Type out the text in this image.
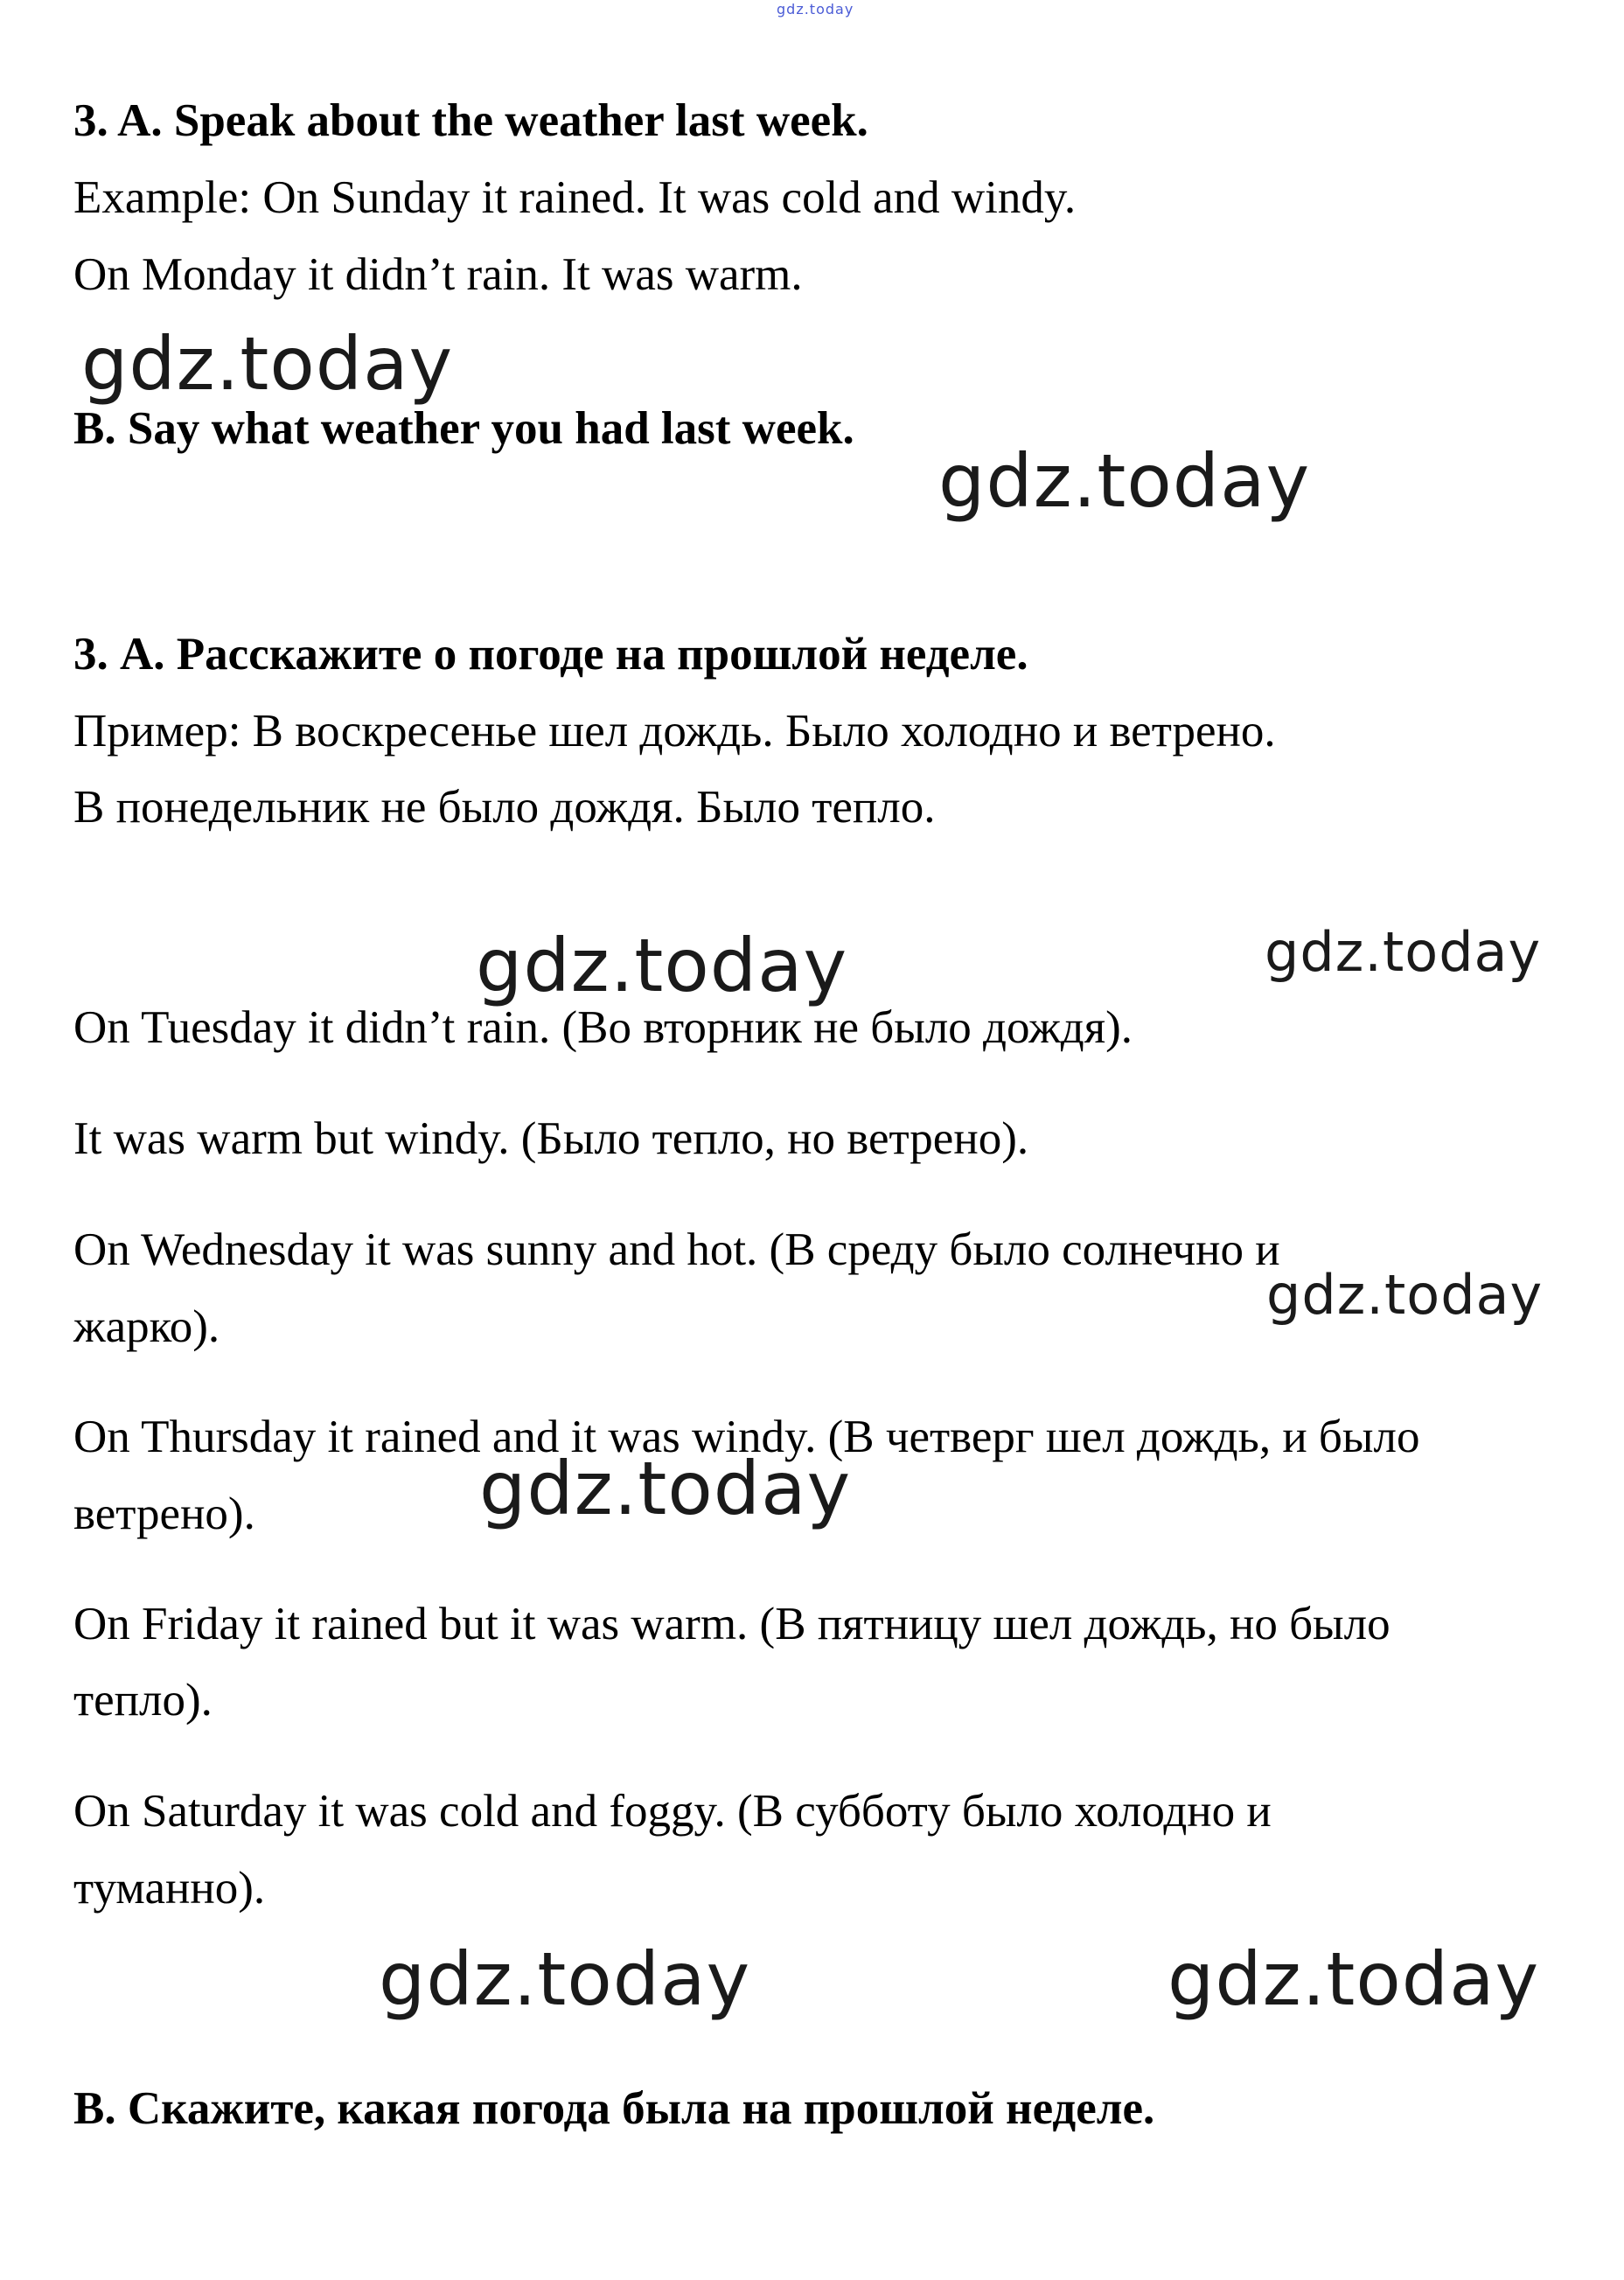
gdz.today
3. A. Speak about the weather last week.
Example: On Sunday it rained. It was cold and windy.
On Monday it didn’t rain. It was warm.
gdz.today
B. Say what weather you had last week.
gdz.today
3. А. Расскажите о погоде на прошлой неделе.
Пример: В воскресенье шел дождь. Было холодно и ветрено.
В понедельник не было дождя. Было тепло.
gdz.today	gdz.today
On Tuesday it didn’t rain. (Во вторник не было дождя).
It was warm but windy. (Было тепло, но ветрено).
On Wednesday it was sunny and hot. (В среду было солнечно и
жарко).	gdz.today
On Thursday it rained and it was windy. (В четверг шел дождь, и было
ветрено).	gdz.today
On Friday it rained but it was warm. (В пятницу шел дождь, но было
тепло).
On Saturday it was cold and foggy. (В субботу было холодно и
туманно).
gdz.today	gdz.today
В. Скажите, какая погода была на прошлой неделе.
